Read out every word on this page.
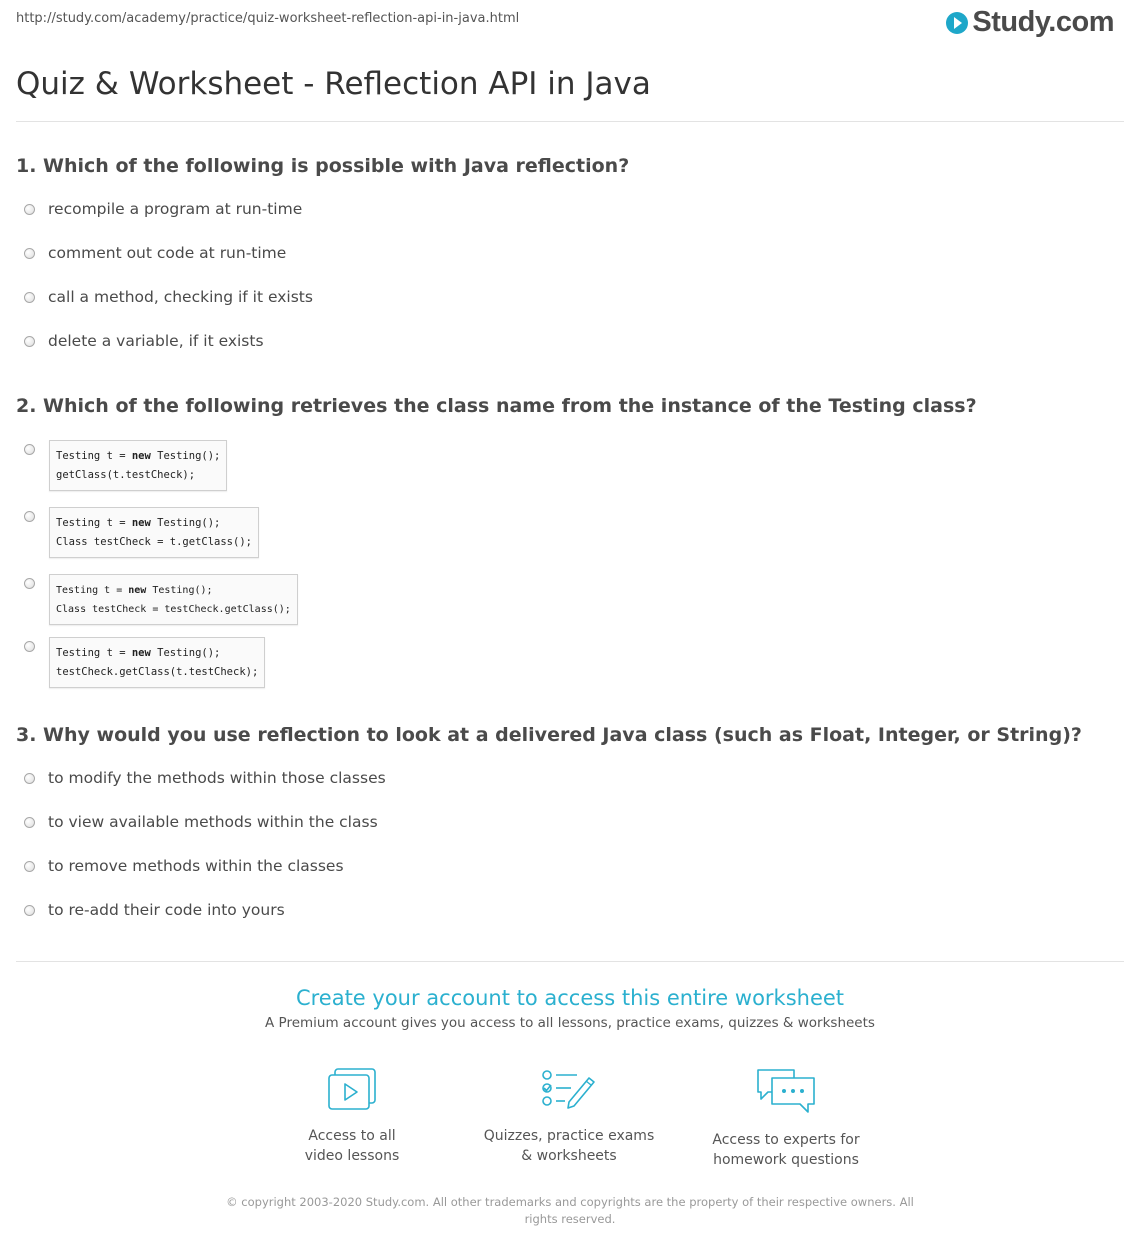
http://study.com/academy/practice/quiz-worksheet-reflection-api-in-java.html	Study.com
Quiz & Worksheet - Reflection API in Java
1. Which of the following is possible with Java reflection?
recompile a program at run-time
comment out code at run-time
call a method, checking if it exists
delete a variable, if it exists
2. Which of the following retrieves the class name from the instance of the Testing class?
Testing t = new Testing();
getClass(t.testCheck);
Testing t = new Testing();
Class testCheck = t.getClass();
Testing t = new Testing();
Class testCheck = testCheck.getClass();
Testing t = new Testing();
testCheck.getClass(t.testCheck);
3. Why would you use reflection to look at a delivered Java class (such as Float, Integer, or String)?
to modify the methods within those classes
to view available methods within the class
to remove methods within the classes
to re-add their code into yours
Create your account to access this entire worksheet
A Premium account gives you access to all lessons, practice exams, quizzes & worksheets
Access to all
video lessons
Quizzes, practice exams
& worksheets
Access to experts for
homework questions
© copyright 2003-2020 Study.com. All other trademarks and copyrights are the property of their respective owners. All rights reserved.
